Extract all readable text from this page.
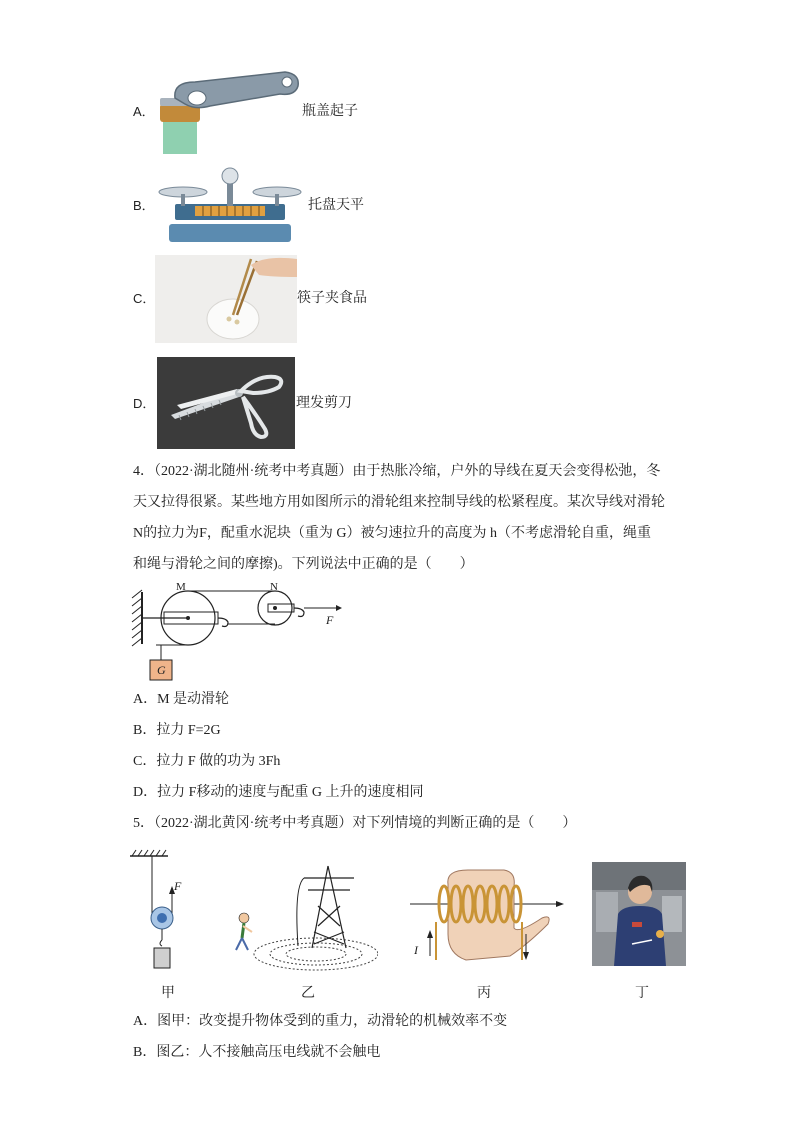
A．	瓶盖起子
B．	托盘天平
C．	筷子夹食品
D．	理发剪刀
4．（2022·湖北随州·统考中考真题）由于热胀冷缩，户外的导线在夏天会变得松弛，冬
天又拉得很紧。某些地方用如图所示的滑轮组来控制导线的松紧程度。某次导线对滑轮
N的拉力为F，配重水泥块（重为 G）被匀速拉升的高度为 h（不考虑滑轮自重，绳重
和绳与滑轮之间的摩擦)。下列说法中正确的是（　　）
M	N
F
G
A．M 是动滑轮
B．拉力 F=2G
C．拉力 F 做的功为 3Fh
D．拉力 F移动的速度与配重 G 上升的速度相同
5．（2022·湖北黄冈·统考中考真题）对下列情境的判断正确的是（　　）
F
I
甲	乙	丙	丁
A．图甲：改变提升物体受到的重力，动滑轮的机械效率不变
B．图乙：人不接触高压电线就不会触电
